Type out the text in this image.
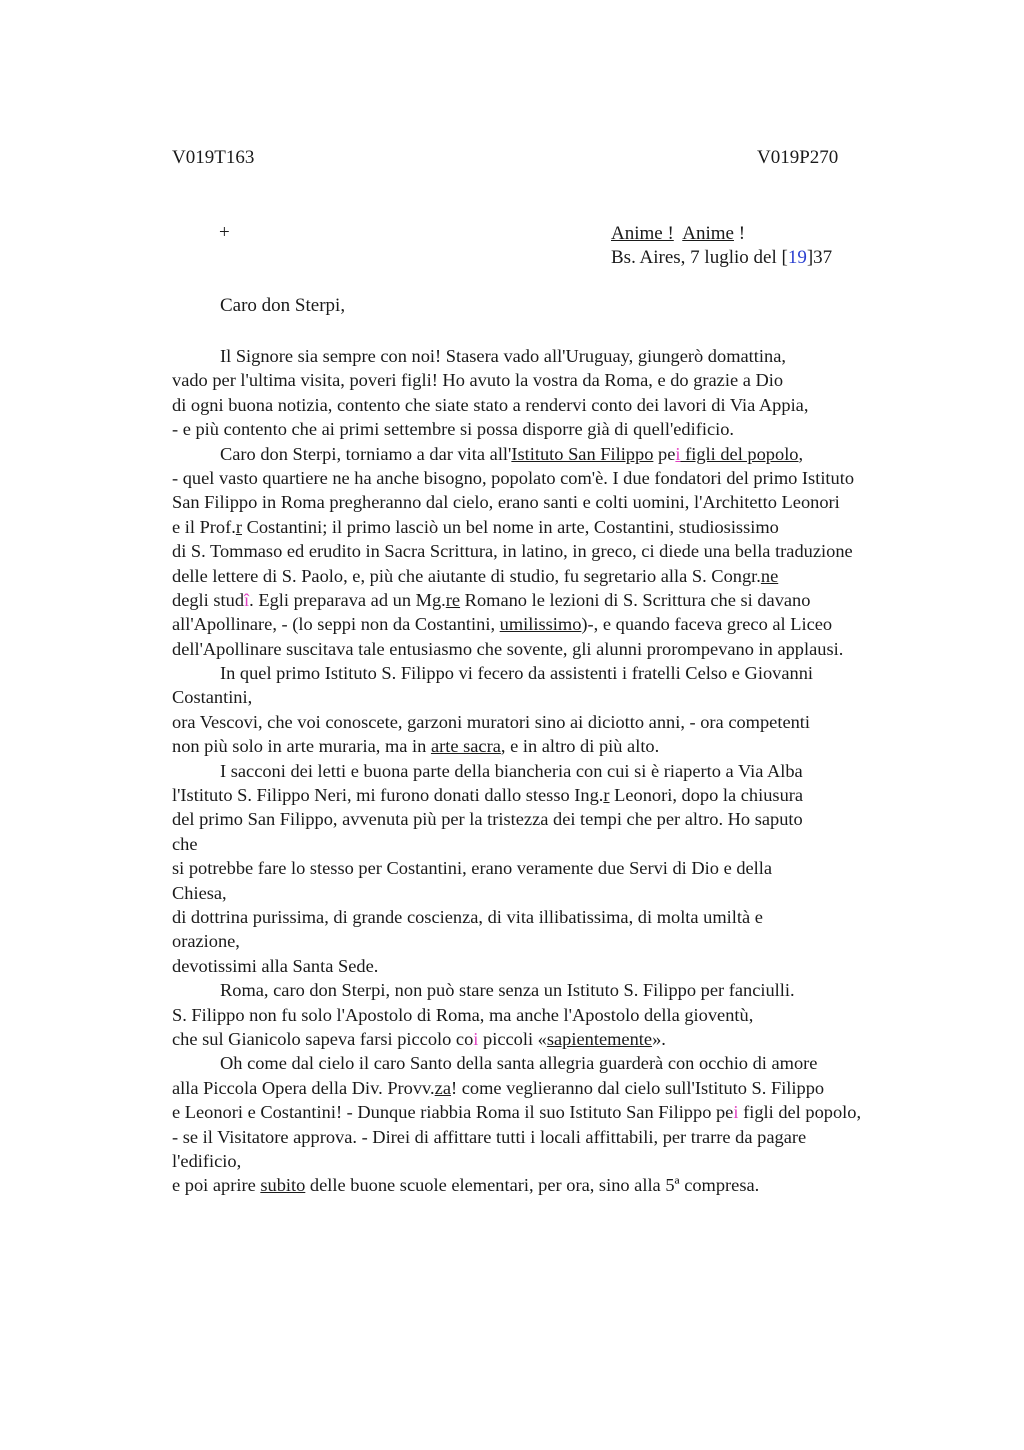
V019T163	V019P270
+	Anime ! Anime !
Bs. Aires, 7 luglio del [19]37
Caro don Sterpi,
Il Signore sia sempre con noi! Stasera vado all'Uruguay, giungerò domattina,
vado per l'ultima visita, poveri figli! Ho avuto la vostra da Roma, e do grazie a Dio
di ogni buona notizia, contento che siate stato a rendervi conto dei lavori di Via Appia,
- e più contento che ai primi settembre si possa disporre già di quell'edificio.
Caro don Sterpi, torniamo a dar vita all'Istituto San Filippo pei figli del popolo,
- quel vasto quartiere ne ha anche bisogno, popolato com'è. I due fondatori del primo Istituto
San Filippo in Roma pregheranno dal cielo, erano santi e colti uomini, l'Architetto Leonori
e il Prof.r Costantini; il primo lasciò un bel nome in arte, Costantini, studiosissimo
di S. Tommaso ed erudito in Sacra Scrittura, in latino, in greco, ci diede una bella traduzione
delle lettere di S. Paolo, e, più che aiutante di studio, fu segretario alla S. Congr.ne
degli studî. Egli preparava ad un Mg.re Romano le lezioni di S. Scrittura che si davano
all'Apollinare, - (lo seppi non da Costantini, umilissimo)-, e quando faceva greco al Liceo
dell'Apollinare suscitava tale entusiasmo che sovente, gli alunni prorompevano in applausi.
In quel primo Istituto S. Filippo vi fecero da assistenti i fratelli Celso e Giovanni
Costantini,
ora Vescovi, che voi conoscete, garzoni muratori sino ai diciotto anni, - ora competenti
non più solo in arte muraria, ma in arte sacra, e in altro di più alto.
I sacconi dei letti e buona parte della biancheria con cui si è riaperto a Via Alba
l'Istituto S. Filippo Neri, mi furono donati dallo stesso Ing.r Leonori, dopo la chiusura
del primo San Filippo, avvenuta più per la tristezza dei tempi che per altro. Ho saputo
che
si potrebbe fare lo stesso per Costantini, erano veramente due Servi di Dio e della
Chiesa,
di dottrina purissima, di grande coscienza, di vita illibatissima, di molta umiltà e
orazione,
devotissimi alla Santa Sede.
Roma, caro don Sterpi, non può stare senza un Istituto S. Filippo per fanciulli.
S. Filippo non fu solo l'Apostolo di Roma, ma anche l'Apostolo della gioventù,
che sul Gianicolo sapeva farsi piccolo coi piccoli «sapientemente».
Oh come dal cielo il caro Santo della santa allegria guarderà con occhio di amore
alla Piccola Opera della Div. Provv.za! come veglieranno dal cielo sull'Istituto S. Filippo
e Leonori e Costantini! - Dunque riabbia Roma il suo Istituto San Filippo pei figli del popolo,
- se il Visitatore approva. - Direi di affittare tutti i locali affittabili, per trarre da pagare
l'edificio,
e poi aprire subito delle buone scuole elementari, per ora, sino alla 5ª compresa.
